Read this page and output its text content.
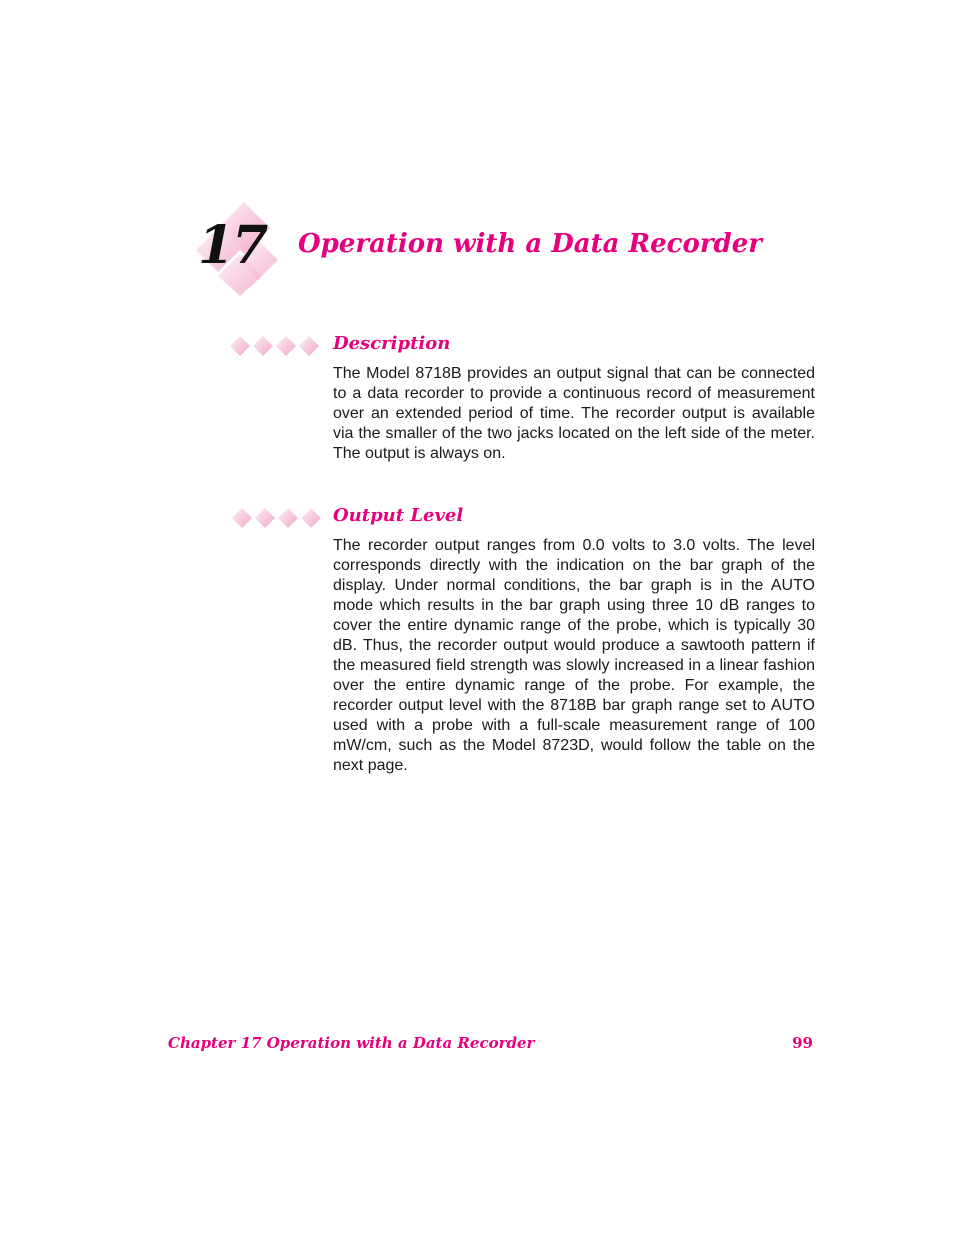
17 Operation with a Data Recorder
Description

The Model 8718B provides an output signal that can be connected to a data recorder to provide a continuous record of measurement over an extended period of time. The recorder output is available via the smaller of the two jacks located on the left side of the meter. The output is always on.

Output Level

The recorder output ranges from 0.0 volts to 3.0 volts. The level corresponds directly with the indication on the bar graph of the display. Under normal conditions, the bar graph is in the AUTO mode which results in the bar graph using three 10 dB ranges to cover the entire dynamic range of the probe, which is typically 30 dB. Thus, the recorder output would produce a sawtooth pattern if the measured field strength was slowly increased in a linear fashion over the entire dynamic range of the probe. For example, the recorder output level with the 8718B bar graph range set to AUTO used with a probe with a full-scale measurement range of 100 mW/cm, such as the Model 8723D, would follow the table on the next page.

Chapter 17 Operation with a Data Recorder	99
